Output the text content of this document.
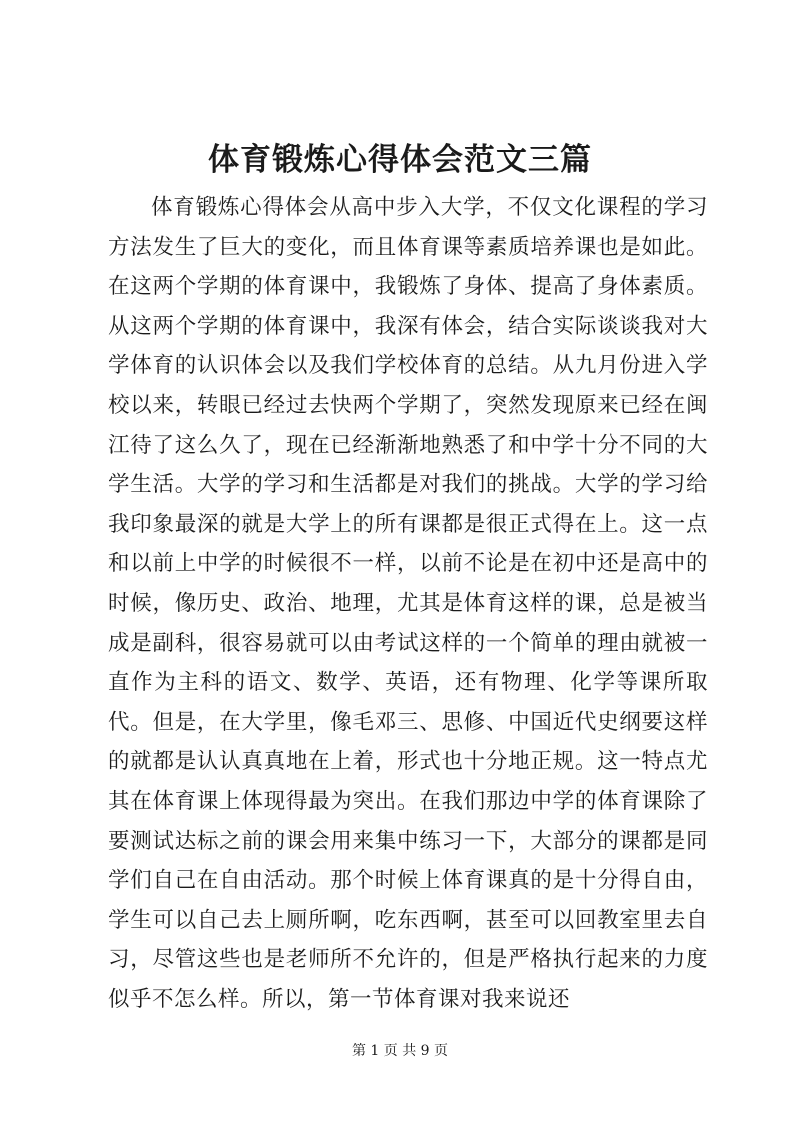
体育锻炼心得体会范文三篇

体育锻炼心得体会从高中步入大学，不仅文化课程的学习方法发生了巨大的变化，而且体育课等素质培养课也是如此。在这两个学期的体育课中，我锻炼了身体、提高了身体素质。从这两个学期的体育课中，我深有体会，结合实际谈谈我对大学体育的认识体会以及我们学校体育的总结。从九月份进入学校以来，转眼已经过去快两个学期了，突然发现原来已经在闽江待了这么久了，现在已经渐渐地熟悉了和中学十分不同的大学生活。大学的学习和生活都是对我们的挑战。大学的学习给我印象最深的就是大学上的所有课都是很正式得在上。这一点和以前上中学的时候很不一样，以前不论是在初中还是高中的时候，像历史、政治、地理，尤其是体育这样的课，总是被当成是副科，很容易就可以由考试这样的一个简单的理由就被一直作为主科的语文、数学、英语，还有物理、化学等课所取代。但是，在大学里，像毛邓三、思修、中国近代史纲要这样的就都是认认真真地在上着，形式也十分地正规。这一特点尤其在体育课上体现得最为突出。在我们那边中学的体育课除了要测试达标之前的课会用来集中练习一下，大部分的课都是同学们自己在自由活动。那个时候上体育课真的是十分得自由，学生可以自己去上厕所啊，吃东西啊，甚至可以回教室里去自习，尽管这些也是老师所不允许的，但是严格执行起来的力度似乎不怎么样。所以，第一节体育课对我来说还

第 1 页 共 9 页
